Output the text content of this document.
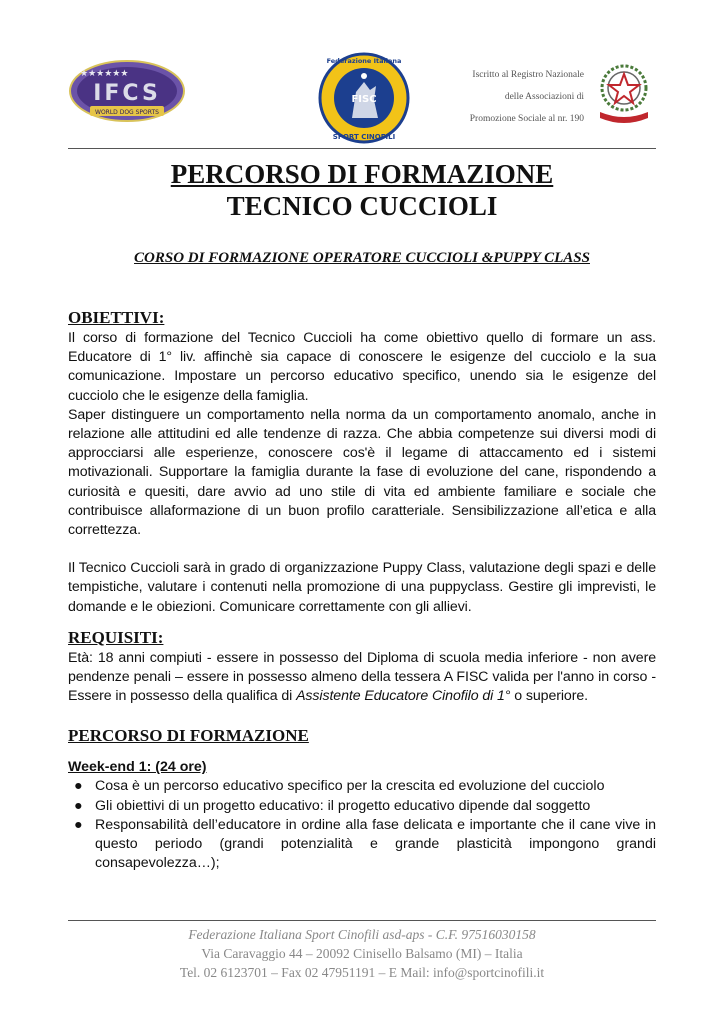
★★★★★★
IFCS
WORLD DOG SPORTS
FISC
Federazione Italiana
SPORT CINOFILI
Iscritto al Registro Nazionale
delle Associazioni di
Promozione Sociale al nr. 190
PERCORSO DI FORMAZIONE
TECNICO CUCCIOLI
CORSO DI FORMAZIONE OPERATORE CUCCIOLI &PUPPY CLASS
OBIETTIVI:

Il corso di formazione del Tecnico Cuccioli ha come obiettivo quello di formare un ass. Educatore di 1° liv. affinchè sia capace di conoscere le esigenze del cucciolo e la sua comunicazione. Impostare un percorso educativo specifico, unendo sia le esigenze del cucciolo che le esigenze della famiglia.

Saper distinguere un comportamento nella norma da un comportamento anomalo, anche in relazione alle attitudini ed alle tendenze di razza. Che abbia competenze sui diversi modi di approcciarsi alle esperienze, conoscere cos'è il legame di attaccamento ed i sistemi motivazionali. Supportare la famiglia durante la fase di evoluzione del cane, rispondendo a curiosità e quesiti, dare avvio ad uno stile di vita ed ambiente familiare e sociale che contribuisce allaformazione di un buon profilo caratteriale. Sensibilizzazione all’etica e alla correttezza.

Il Tecnico Cuccioli sarà in grado di organizzazione Puppy Class, valutazione degli spazi e delle tempistiche, valutare i contenuti nella promozione di una puppyclass. Gestire gli imprevisti, le domande e le obiezioni. Comunicare correttamente con gli allievi.

REQUISITI:

Età: 18 anni compiuti - essere in possesso del Diploma di scuola media inferiore - non avere pendenze penali – essere in possesso almeno della tessera A FISC valida per l'anno in corso - Essere in possesso della qualifica di Assistente Educatore Cinofilo di 1° o superiore.

PERCORSO DI FORMAZIONE

Week-end 1: (24 ore)

● Cosa è un percorso educativo specifico per la crescita ed evoluzione del cucciolo
● Gli obiettivi di un progetto educativo: il progetto educativo dipende dal soggetto
● Responsabilità dell’educatore in ordine alla fase delicata e importante che il cane vive in questo periodo (grandi potenzialità e grande plasticità impongono grandi consapevolezza…);
Federazione Italiana Sport Cinofili asd-aps - C.F. 97516030158
Via Caravaggio 44 – 20092 Cinisello Balsamo (MI) – Italia
Tel. 02 6123701 – Fax 02 47951191 – E Mail: info@sportcinofili.it
